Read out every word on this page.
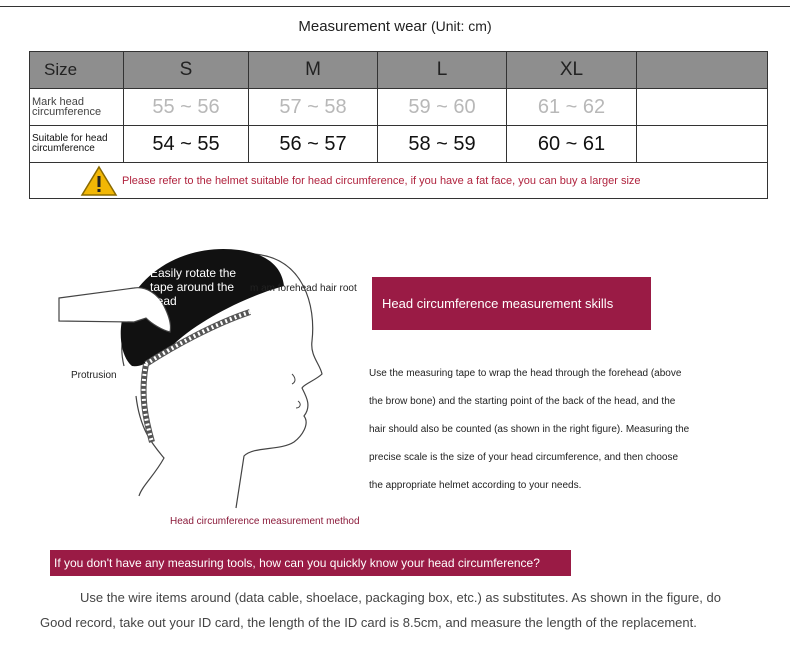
Measurement wear (Unit: cm)
Size	S	M	L	XL	
Mark head circumference	55 ~ 56	57 ~ 58	59 ~ 60	61 ~ 62	
Suitable for head circumference	54 ~ 55	56 ~ 57	58 ~ 59	60 ~ 61	

Please refer to the helmet suitable for head circumference, if you have a fat face, you can buy a larger size					
Easily rotate the tape around the head
m am forehead hair root
Protrusion
Head circumference measurement method
Head circumference measurement skills
Use the measuring tape to wrap the head through the forehead (above
the brow bone) and the starting point of the back of the head, and the
hair should also be counted (as shown in the right figure). Measuring the
precise scale is the size of your head circumference, and then choose
the appropriate helmet according to your needs.
If you don't have any measuring tools, how can you quickly know your head circumference?
Use the wire items around (data cable, shoelace, packaging box, etc.) as substitutes. As shown in the figure, do
Good record, take out your ID card, the length of the ID card is 8.5cm, and measure the length of the replacement.
